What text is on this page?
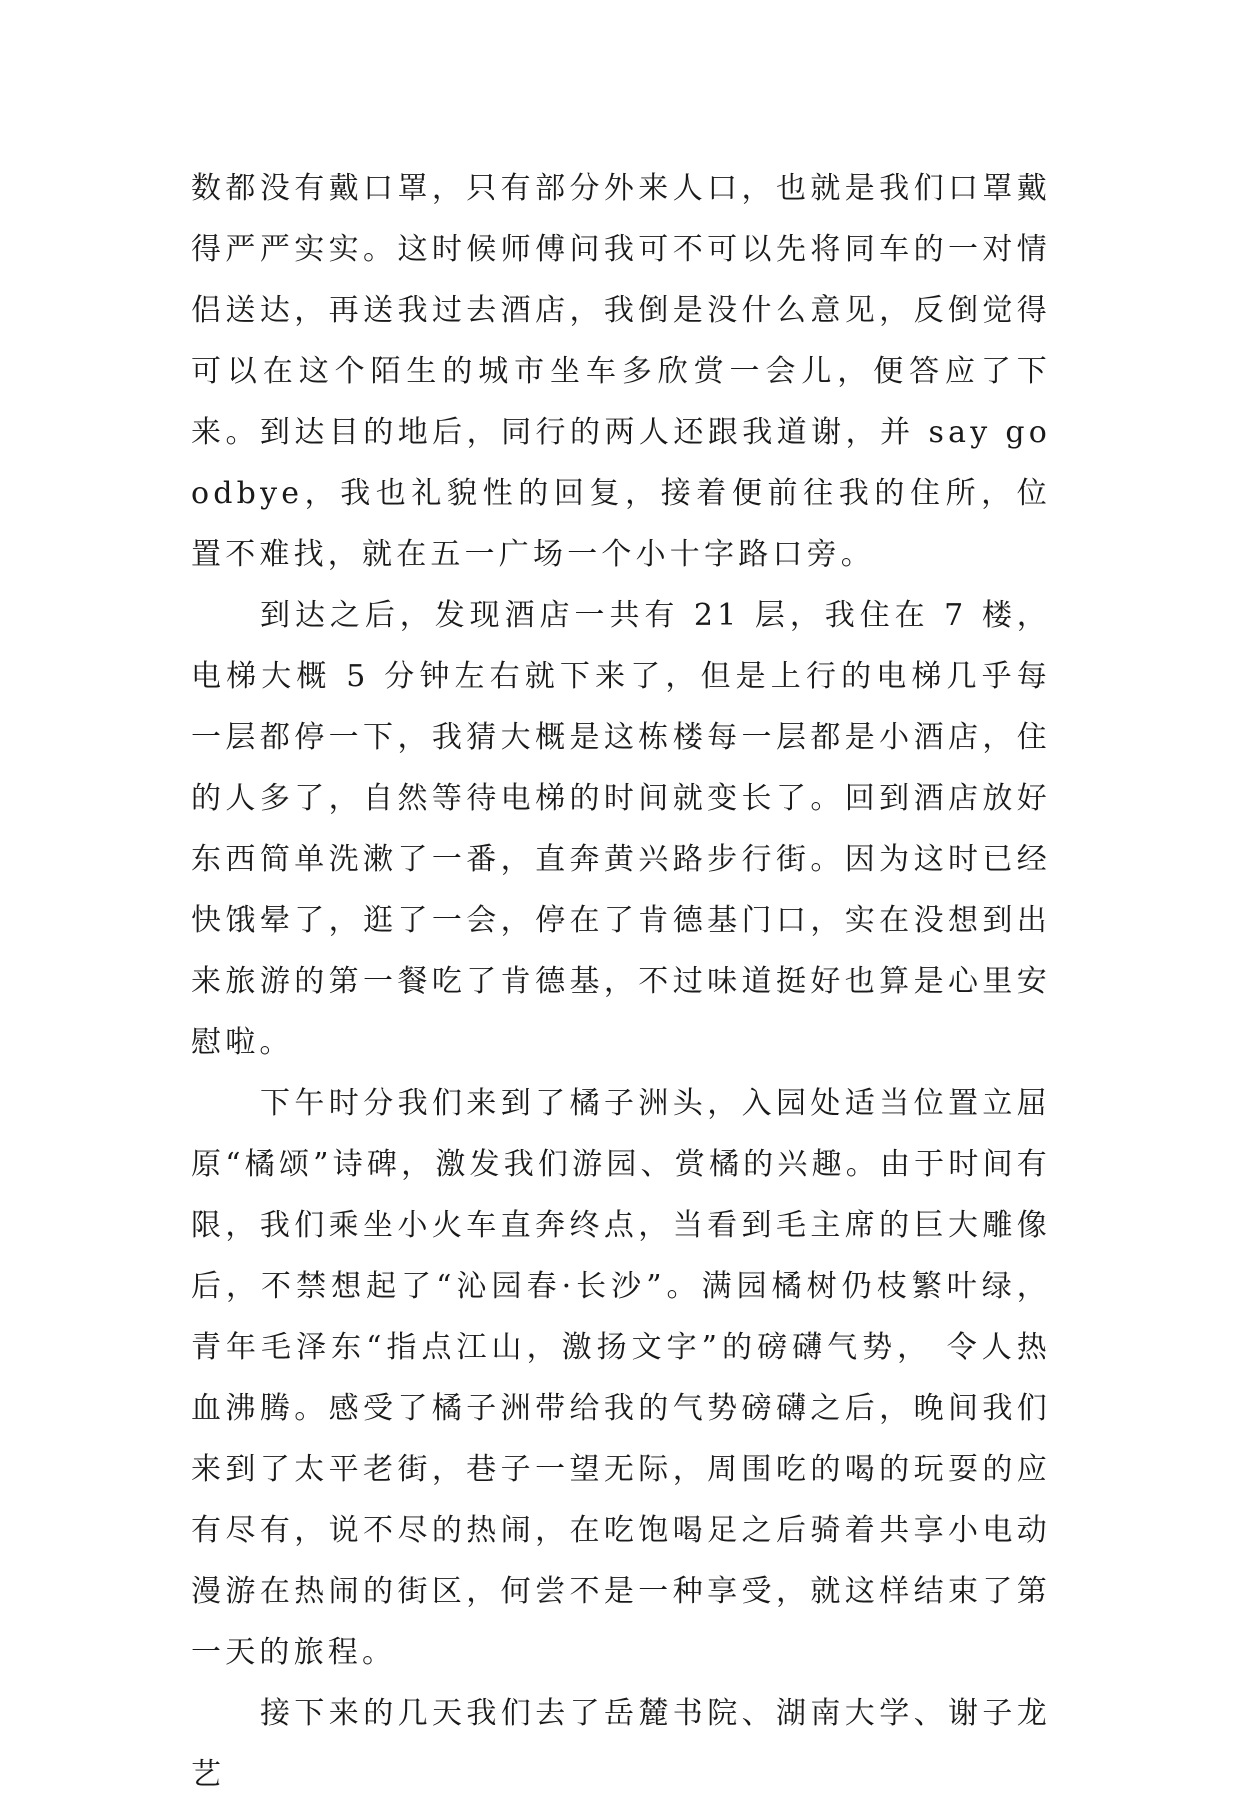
数都没有戴口罩，只有部分外来人口，也就是我们口罩戴得严严实实。这时候师傅问我可不可以先将同车的一对情侣送达，再送我过去酒店，我倒是没什么意见，反倒觉得可以在这个陌生的城市坐车多欣赏一会儿，便答应了下来。到达目的地后，同行的两人还跟我道谢，并 say goodbye，我也礼貌性的回复，接着便前往我的住所，位置不难找，就在五一广场一个小十字路口旁。

到达之后，发现酒店一共有 21 层，我住在 7 楼，电梯大概 5 分钟左右就下来了，但是上行的电梯几乎每一层都停一下，我猜大概是这栋楼每一层都是小酒店，住的人多了，自然等待电梯的时间就变长了。回到酒店放好东西简单洗漱了一番，直奔黄兴路步行街。因为这时已经快饿晕了，逛了一会，停在了肯德基门口，实在没想到出来旅游的第一餐吃了肯德基，不过味道挺好也算是心里安慰啦。

下午时分我们来到了橘子洲头，入园处适当位置立屈原“橘颂”诗碑，激发我们游园、赏橘的兴趣。由于时间有限，我们乘坐小火车直奔终点，当看到毛主席的巨大雕像后，不禁想起了“沁园春·长沙”。满园橘树仍枝繁叶绿， 青年毛泽东“指点江山，激扬文字”的磅礴气势， 令人热血沸腾。感受了橘子洲带给我的气势磅礴之后，晚间我们来到了太平老街，巷子一望无际，周围吃的喝的玩耍的应有尽有，说不尽的热闹，在吃饱喝足之后骑着共享小电动漫游在热闹的街区，何尝不是一种享受，就这样结束了第一天的旅程。

接下来的几天我们去了岳麓书院、湖南大学、谢子龙艺
